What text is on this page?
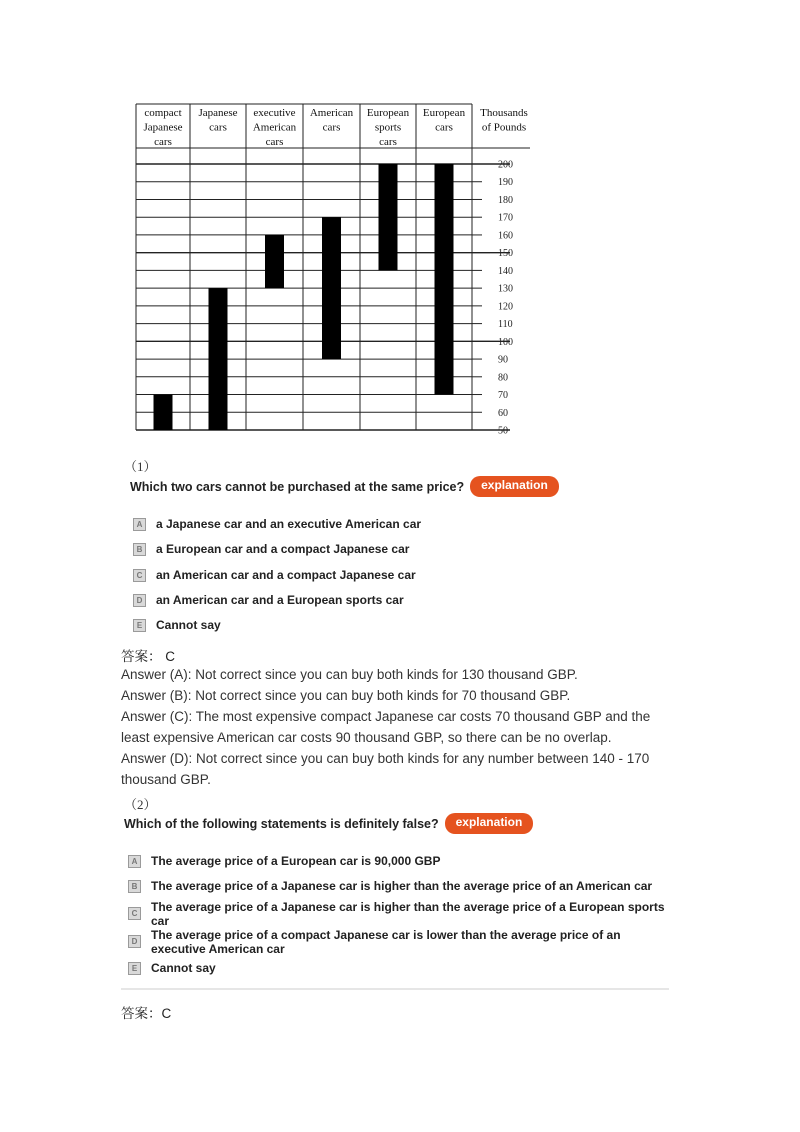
50
60
70
80
90
100
110
120
130
140
150
160
170
180
190
200
compact
Japanese
cars
Japanese
cars
executive
American
cars
American
cars
European
sports
cars
European
cars
Thousands
of Pounds
（1）
Which two cars cannot be purchased at the same price?	explanation
A	a Japanese car and an executive American car
B	a European car and a compact Japanese car
C	an American car and a compact Japanese car
D	an American car and a European sports car
E	Cannot say
答案： C
Answer (A): Not correct since you can buy both kinds for 130 thousand GBP.
Answer (B): Not correct since you can buy both kinds for 70 thousand GBP.
Answer (C): The most expensive compact Japanese car costs 70 thousand GBP and the least expensive American car costs 90 thousand GBP, so there can be no overlap.
Answer (D): Not correct since you can buy both kinds for any number between 140 - 170 thousand GBP.
（2）
Which of the following statements is definitely false?	explanation
A	The average price of a European car is 90,000 GBP
B	The average price of a Japanese car is higher than the average price of an American car
C	The average price of a Japanese car is higher than the average price of a European sports car
D	The average price of a compact Japanese car is lower than the average price of an executive American car
E	Cannot say
答案：C
